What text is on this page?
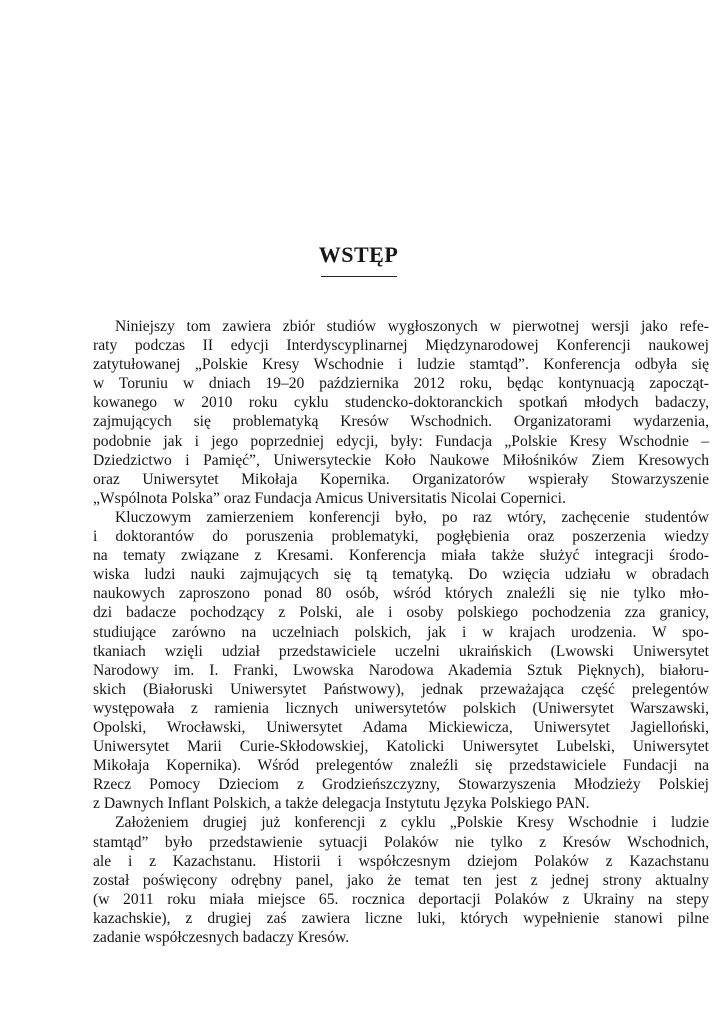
WSTĘP
Niniejszy tom zawiera zbiór studiów wygłoszonych w pierwotnej wersji jako refe-
raty podczas II edycji Interdyscyplinarnej Międzynarodowej Konferencji naukowej
zatytułowanej „Polskie Kresy Wschodnie i ludzie stamtąd”. Konferencja odbyła się
w Toruniu w dniach 19–20 października 2012 roku, będąc kontynuacją zapocząt-
kowanego w 2010 roku cyklu studencko-doktoranckich spotkań młodych badaczy,
zajmujących się problematyką Kresów Wschodnich. Organizatorami wydarzenia,
podobnie jak i jego poprzedniej edycji, były: Fundacja „Polskie Kresy Wschodnie –
Dziedzictwo i Pamięć”, Uniwersyteckie Koło Naukowe Miłośników Ziem Kresowych
oraz Uniwersytet Mikołaja Kopernika. Organizatorów wspierały Stowarzyszenie
„Wspólnota Polska” oraz Fundacja Amicus Universitatis Nicolai Copernici.
Kluczowym zamierzeniem konferencji było, po raz wtóry, zachęcenie studentów
i doktorantów do poruszenia problematyki, pogłębienia oraz poszerzenia wiedzy
na tematy związane z Kresami. Konferencja miała także służyć integracji środo-
wiska ludzi nauki zajmujących się tą tematyką. Do wzięcia udziału w obradach
naukowych zaproszono ponad 80 osób, wśród których znaleźli się nie tylko mło-
dzi badacze pochodzący z Polski, ale i osoby polskiego pochodzenia zza granicy,
studiujące zarówno na uczelniach polskich, jak i w krajach urodzenia. W spo-
tkaniach wzięli udział przedstawiciele uczelni ukraińskich (Lwowski Uniwersytet
Narodowy im. I. Franki, Lwowska Narodowa Akademia Sztuk Pięknych), białoru-
skich (Białoruski Uniwersytet Państwowy), jednak przeważająca część prelegentów
występowała z ramienia licznych uniwersytetów polskich (Uniwersytet Warszawski,
Opolski, Wrocławski, Uniwersytet Adama Mickiewicza, Uniwersytet Jagielloński,
Uniwersytet Marii Curie-Skłodowskiej, Katolicki Uniwersytet Lubelski, Uniwersytet
Mikołaja Kopernika). Wśród prelegentów znaleźli się przedstawiciele Fundacji na
Rzecz Pomocy Dzieciom z Grodzieńszczyzny, Stowarzyszenia Młodzieży Polskiej
z Dawnych Inflant Polskich, a także delegacja Instytutu Języka Polskiego PAN.
Założeniem drugiej już konferencji z cyklu „Polskie Kresy Wschodnie i ludzie
stamtąd” było przedstawienie sytuacji Polaków nie tylko z Kresów Wschodnich,
ale i z Kazachstanu. Historii i współczesnym dziejom Polaków z Kazachstanu
został poświęcony odrębny panel, jako że temat ten jest z jednej strony aktualny
(w 2011 roku miała miejsce 65. rocznica deportacji Polaków z Ukrainy na stepy
kazachskie), z drugiej zaś zawiera liczne luki, których wypełnienie stanowi pilne
zadanie współczesnych badaczy Kresów.
